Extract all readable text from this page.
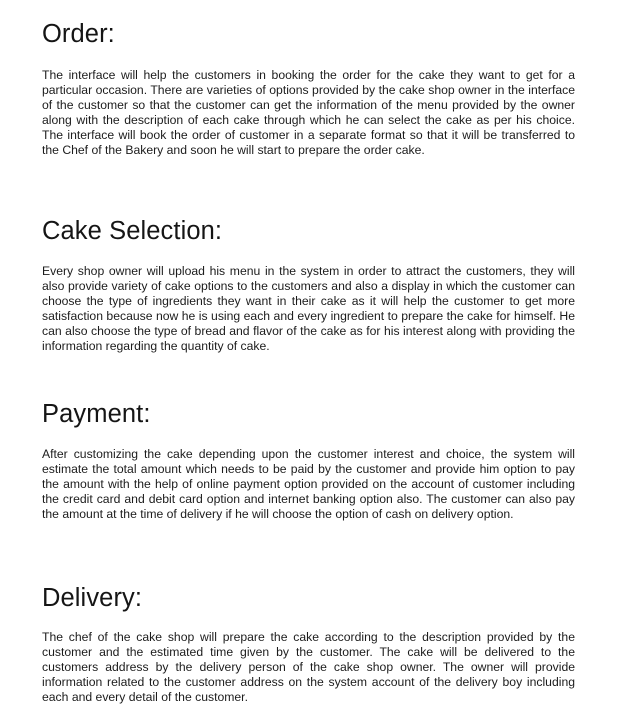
Order:

The interface will help the customers in booking the order for the cake they want to get for a particular occasion. There are varieties of options provided by the cake shop owner in the interface of the customer so that the customer can get the information of the menu provided by the owner along with the description of each cake through which he can select the cake as per his choice. The interface will book the order of customer in a separate format so that it will be transferred to the Chef of the Bakery and soon he will start to prepare the order cake.

Cake Selection:

Every shop owner will upload his menu in the system in order to attract the customers, they will also provide variety of cake options to the customers and also a display in which the customer can choose the type of ingredients they want in their cake as it will help the customer to get more satisfaction because now he is using each and every ingredient to prepare the cake for himself. He can also choose the type of bread and flavor of the cake as for his interest along with providing the information regarding the quantity of cake.

Payment:

After customizing the cake depending upon the customer interest and choice, the system will estimate the total amount which needs to be paid by the customer and provide him option to pay the amount with the help of online payment option provided on the account of customer including the credit card and debit card option and internet banking option also. The customer can also pay the amount at the time of delivery if he will choose the option of cash on delivery option.

Delivery:

The chef of the cake shop will prepare the cake according to the description provided by the customer and the estimated time given by the customer. The cake will be delivered to the customers address by the delivery person of the cake shop owner. The owner will provide information related to the customer address on the system account of the delivery boy including each and every detail of the customer.
